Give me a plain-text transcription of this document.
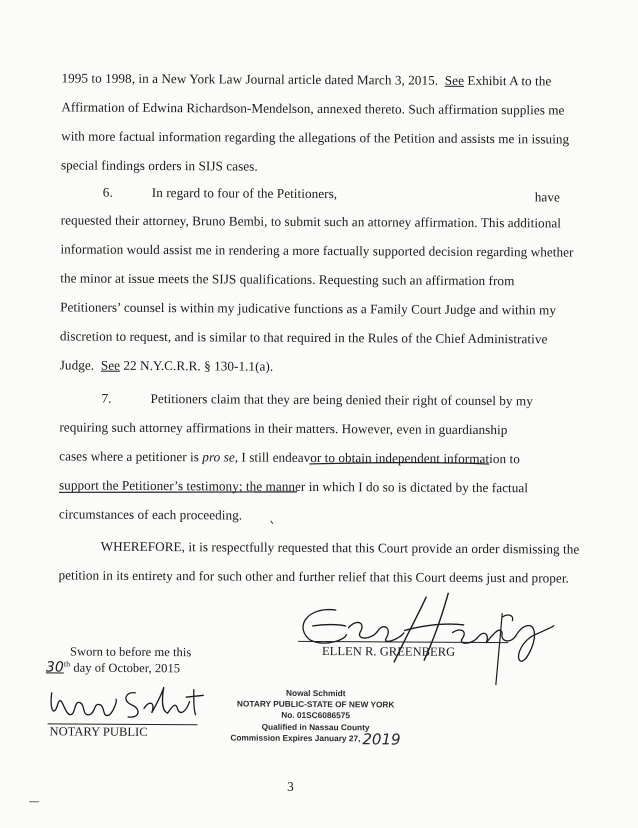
1995 to 1998, in a New York Law Journal article dated March 3, 2015. See Exhibit A to the
Affirmation of Edwina Richardson-Mendelson, annexed thereto. Such affirmation supplies me
with more factual information regarding the allegations of the Petition and assists me in issuing
special findings orders in SIJS cases.
6.	In regard to four of the Petitioners,	have
requested their attorney, Bruno Bembi, to submit such an attorney affirmation. This additional
information would assist me in rendering a more factually supported decision regarding whether
the minor at issue meets the SIJS qualifications. Requesting such an affirmation from
Petitioners’ counsel is within my judicative functions as a Family Court Judge and within my
discretion to request, and is similar to that required in the Rules of the Chief Administrative
Judge. See 22 N.Y.C.R.R. § 130-1.1(a).
7.	Petitioners claim that they are being denied their right of counsel by my
requiring such attorney affirmations in their matters. However, even in guardianship
cases where a petitioner is pro se, I still endeavor to obtain independent information to
support the Petitioner’s testimony; the manner in which I do so is dictated by the factual
circumstances of each proceeding.
WHEREFORE, it is respectfully requested that this Court provide an order dismissing the
petition in its entirety and for such other and further relief that this Court deems just and proper.
ELLEN R. GREENBERG
Sworn to before me this
30th day of October, 2015
NOTARY PUBLIC
Nowal Schmidt
NOTARY PUBLIC-STATE OF NEW YORK
No. 01SC6086575
Qualified in Nassau County
Commission Expires January 27, 2019
3
